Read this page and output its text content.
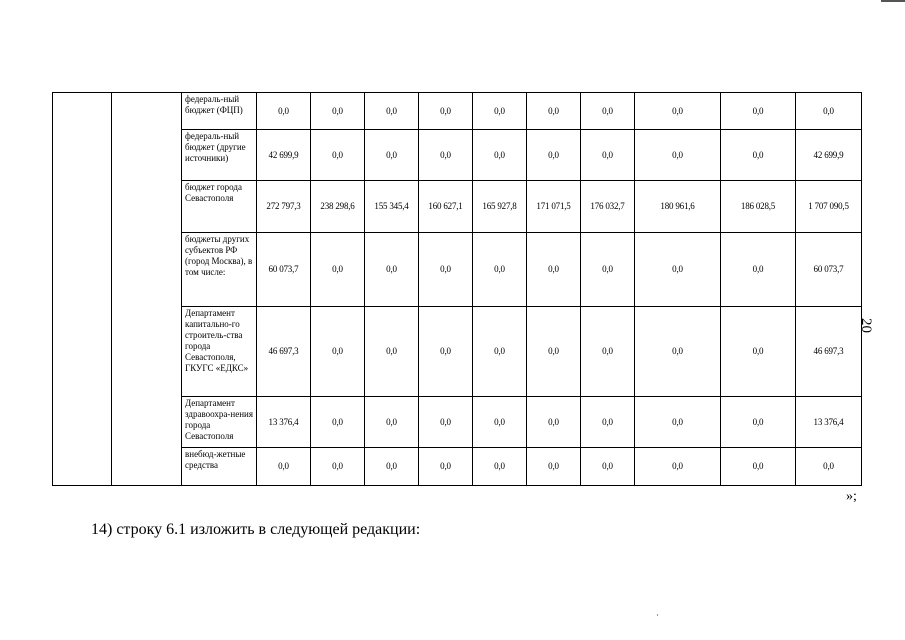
		федераль-ный бюджет (ФЦП)	0,0	0,0	0,0	0,0	0,0	0,0	0,0	0,0	0,0	0,0
		федераль-ный бюджет (другие источники)	42 699,9	0,0	0,0	0,0	0,0	0,0	0,0	0,0	0,0	42 699,9
		бюджет города Севастополя	272 797,3	238 298,6	155 345,4	160 627,1	165 927,8	171 071,5	176 032,7	180 961,6	186 028,5	1 707 090,5
		бюджеты других субъектов РФ (город Москва), в том числе:	60 073,7	0,0	0,0	0,0	0,0	0,0	0,0	0,0	0,0	60 073,7
		Департамент капитально-го строитель-ства города Севастополя, ГКУГС «ЕДКС»	46 697,3	0,0	0,0	0,0	0,0	0,0	0,0	0,0	0,0	46 697,3
		Департамент здравоохра-нения города Севастополя	13 376,4	0,0	0,0	0,0	0,0	0,0	0,0	0,0	0,0	13 376,4
		внебюд-жетные средства	0,0	0,0	0,0	0,0	0,0	0,0	0,0	0,0	0,0	0,0
20
»;
14) строку 6.1 изложить в следующей редакции:
